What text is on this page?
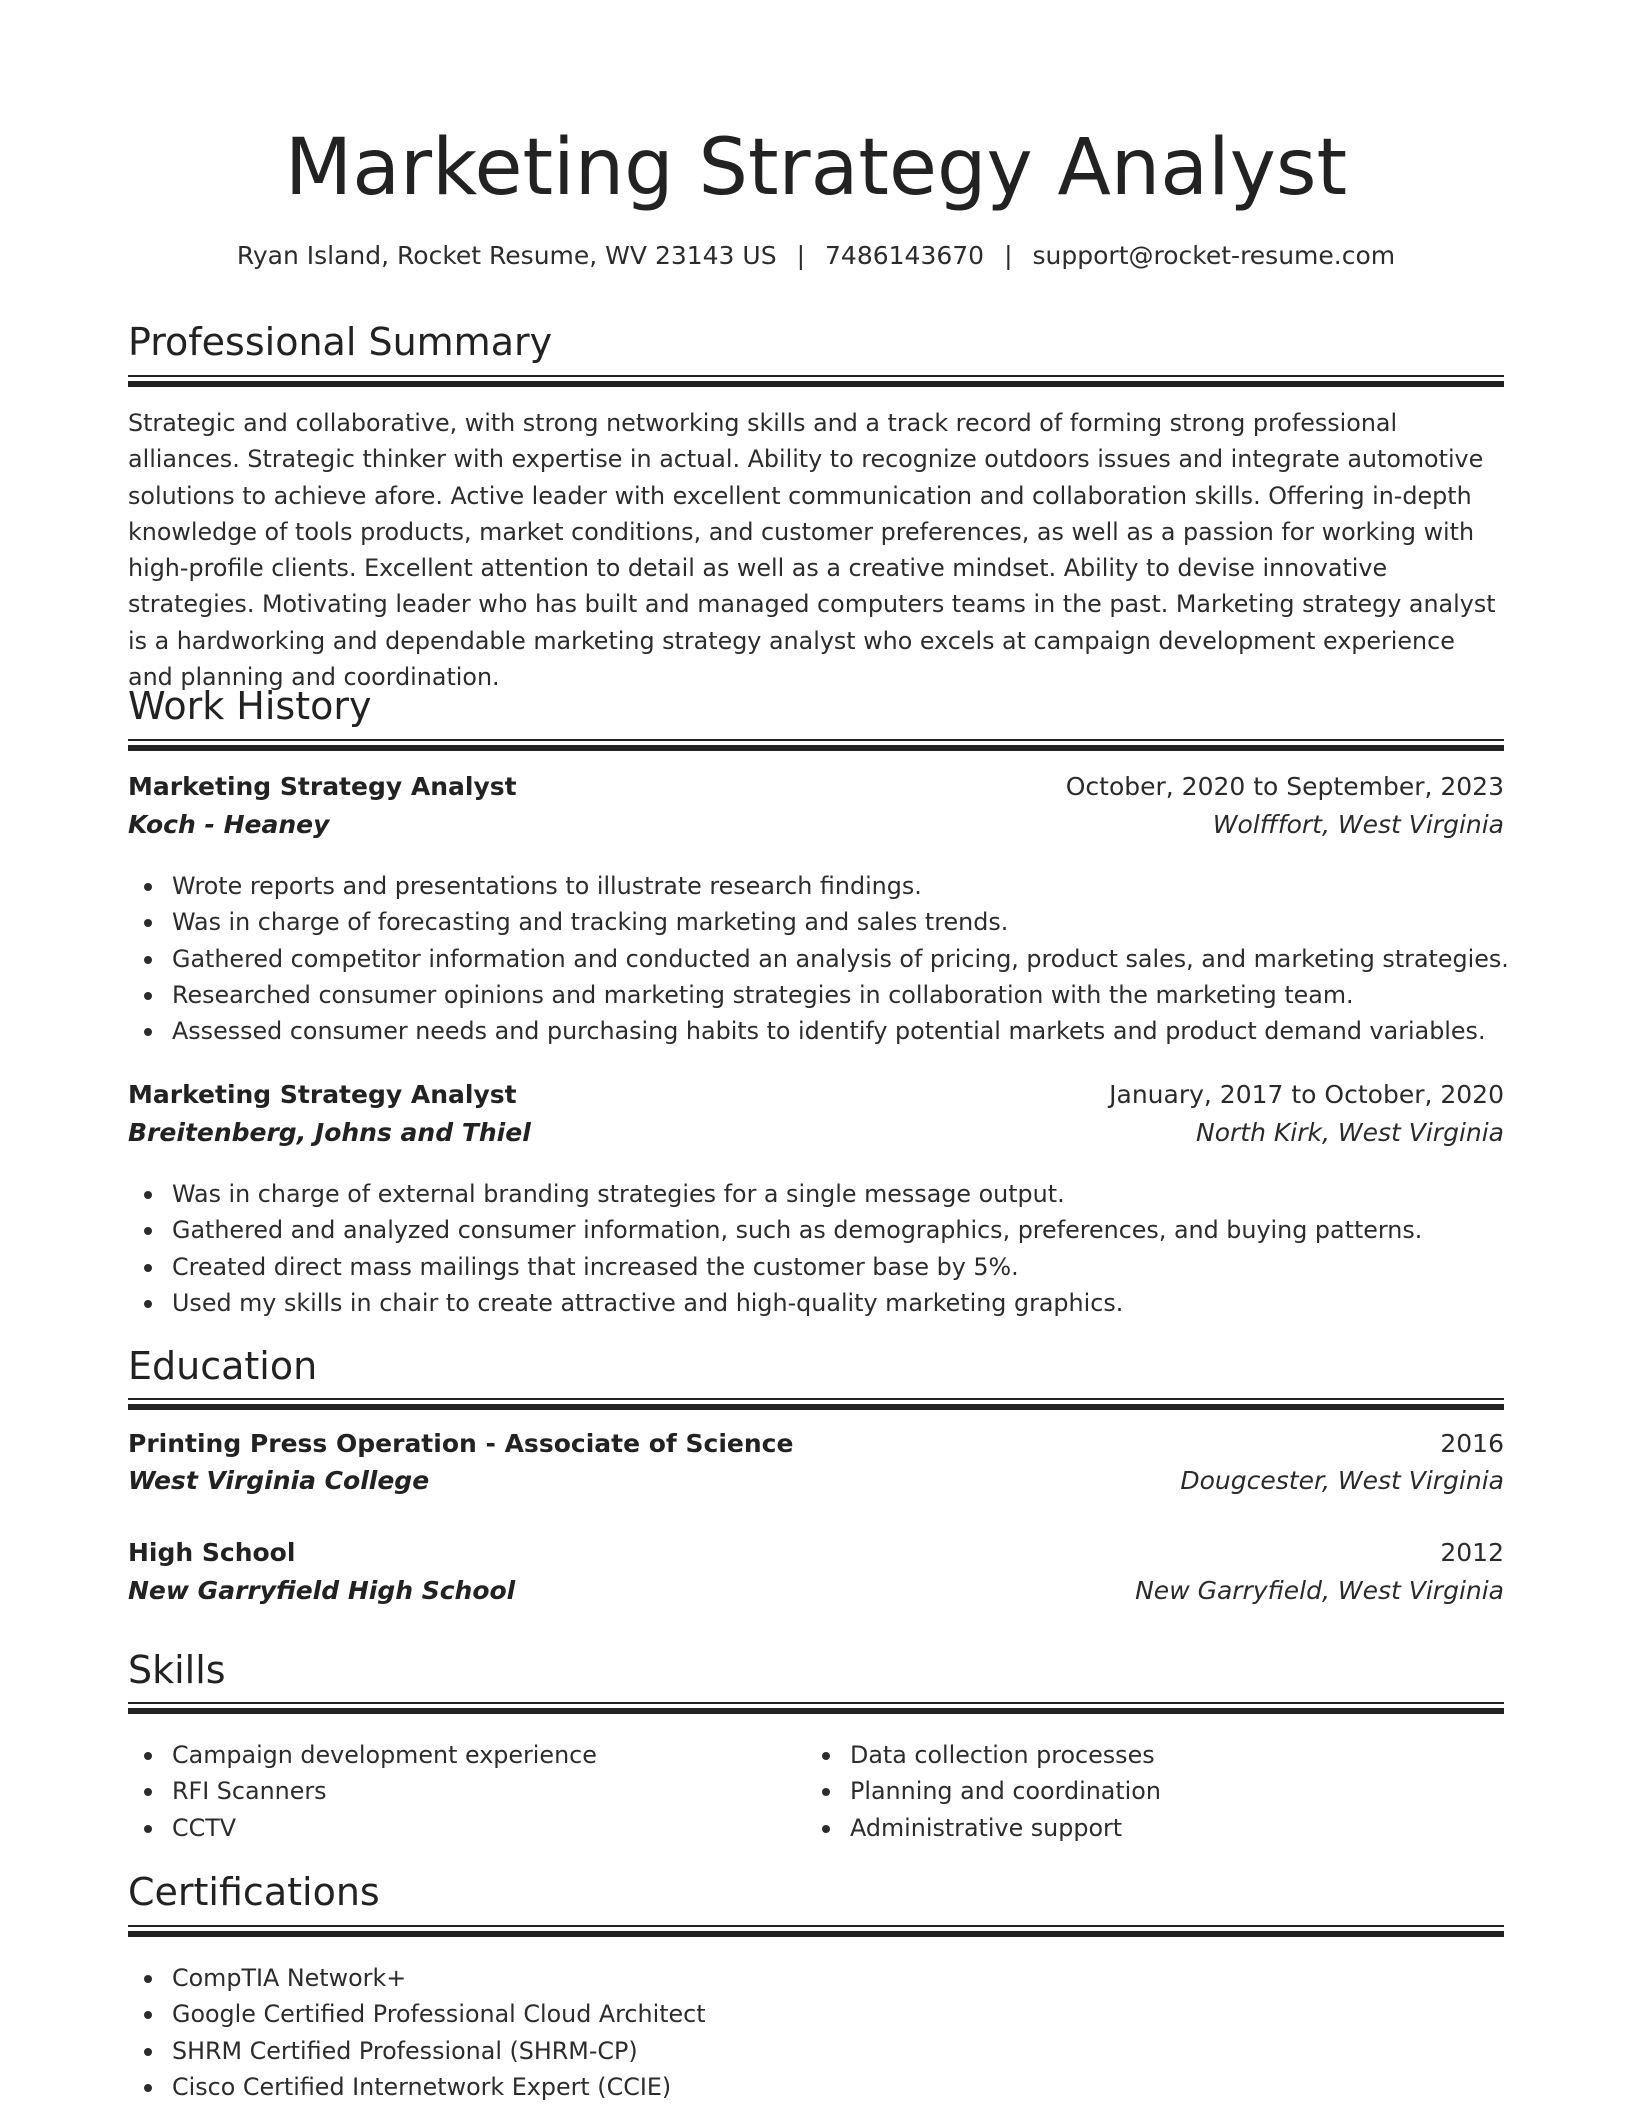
Marketing Strategy Analyst
Ryan Island, Rocket Resume, WV 23143 US | 7486143670 | support@rocket-resume.com
Professional Summary

Strategic and collaborative, with strong networking skills and a track record of forming strong professional alliances. Strategic thinker with expertise in actual. Ability to recognize outdoors issues and integrate automotive solutions to achieve afore. Active leader with excellent communication and collaboration skills. Offering in-depth knowledge of tools products, market conditions, and customer preferences, as well as a passion for working with high-profile clients. Excellent attention to detail as well as a creative mindset. Ability to devise innovative strategies. Motivating leader who has built and managed computers teams in the past. Marketing strategy analyst is a hardworking and dependable marketing strategy analyst who excels at campaign development experience and planning and coordination.

Work History
Marketing Strategy Analyst	October, 2020 to September, 2023
Koch - Heaney	Wolfffort, West Virginia
Wrote reports and presentations to illustrate research findings.
Was in charge of forecasting and tracking marketing and sales trends.
Gathered competitor information and conducted an analysis of pricing, product sales, and marketing strategies.
Researched consumer opinions and marketing strategies in collaboration with the marketing team.
Assessed consumer needs and purchasing habits to identify potential markets and product demand variables.
Marketing Strategy Analyst	January, 2017 to October, 2020
Breitenberg, Johns and Thiel	North Kirk, West Virginia
Was in charge of external branding strategies for a single message output.
Gathered and analyzed consumer information, such as demographics, preferences, and buying patterns.
Created direct mass mailings that increased the customer base by 5%.
Used my skills in chair to create attractive and high-quality marketing graphics.
Education
Printing Press Operation - Associate of Science	2016
West Virginia College	Dougcester, West Virginia
High School	2012
New Garryfield High School	New Garryfield, West Virginia
Skills
Campaign development experience
RFI Scanners
CCTV
Data collection processes
Planning and coordination
Administrative support
Certifications
CompTIA Network+
Google Certified Professional Cloud Architect
SHRM Certified Professional (SHRM-CP)
Cisco Certified Internetwork Expert (CCIE)
